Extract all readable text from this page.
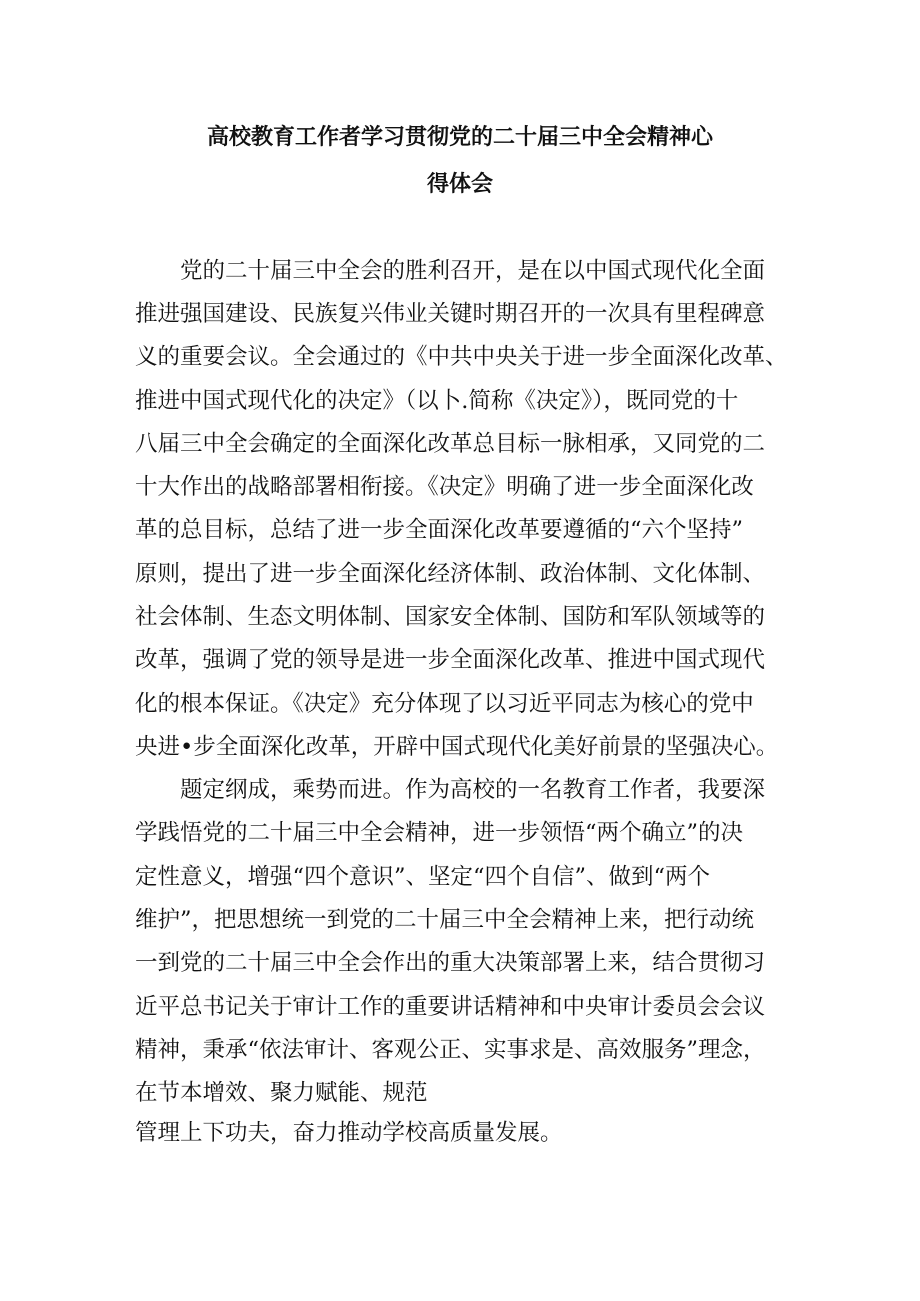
高校教育工作者学习贯彻党的二十届三中全会精神心
得体会
党的二十届三中全会的胜利召开，是在以中国式现代化全面
推进强国建设、民族复兴伟业关键时期召开的一次具有里程碑意
义的重要会议。全会通过的《中共中央关于进一步全面深化改革、
推进中国式现代化的决定》（以卜.简称《决定》），既同党的十
八届三中全会确定的全面深化改革总目标一脉相承，又同党的二
十大作出的战略部署相衔接。《决定》明确了进一步全面深化改
革的总目标，总结了进一步全面深化改革要遵循的“六个坚持”
原则，提出了进一步全面深化经济体制、政治体制、文化体制、
社会体制、生态文明体制、国家安全体制、国防和军队领域等的
改革，强调了党的领导是进一步全面深化改革、推进中国式现代
化的根本保证。《决定》充分体现了以习近平同志为核心的党中
央进•步全面深化改革，开辟中国式现代化美好前景的坚强决心。
题定纲成，乘势而进。作为高校的一名教育工作者，我要深
学践悟党的二十届三中全会精神，进一步领悟“两个确立”的决
定性意义，增强“四个意识”、坚定“四个自信”、做到“两个
维护”，把思想统一到党的二十届三中全会精神上来，把行动统
一到党的二十届三中全会作出的重大决策部署上来，结合贯彻习
近平总书记关于审计工作的重要讲话精神和中央审计委员会会议
精神，秉承“依法审计、客观公正、实事求是、高效服务”理念，
在节本增效、聚力赋能、规范
管理上下功夫，奋力推动学校高质量发展。
